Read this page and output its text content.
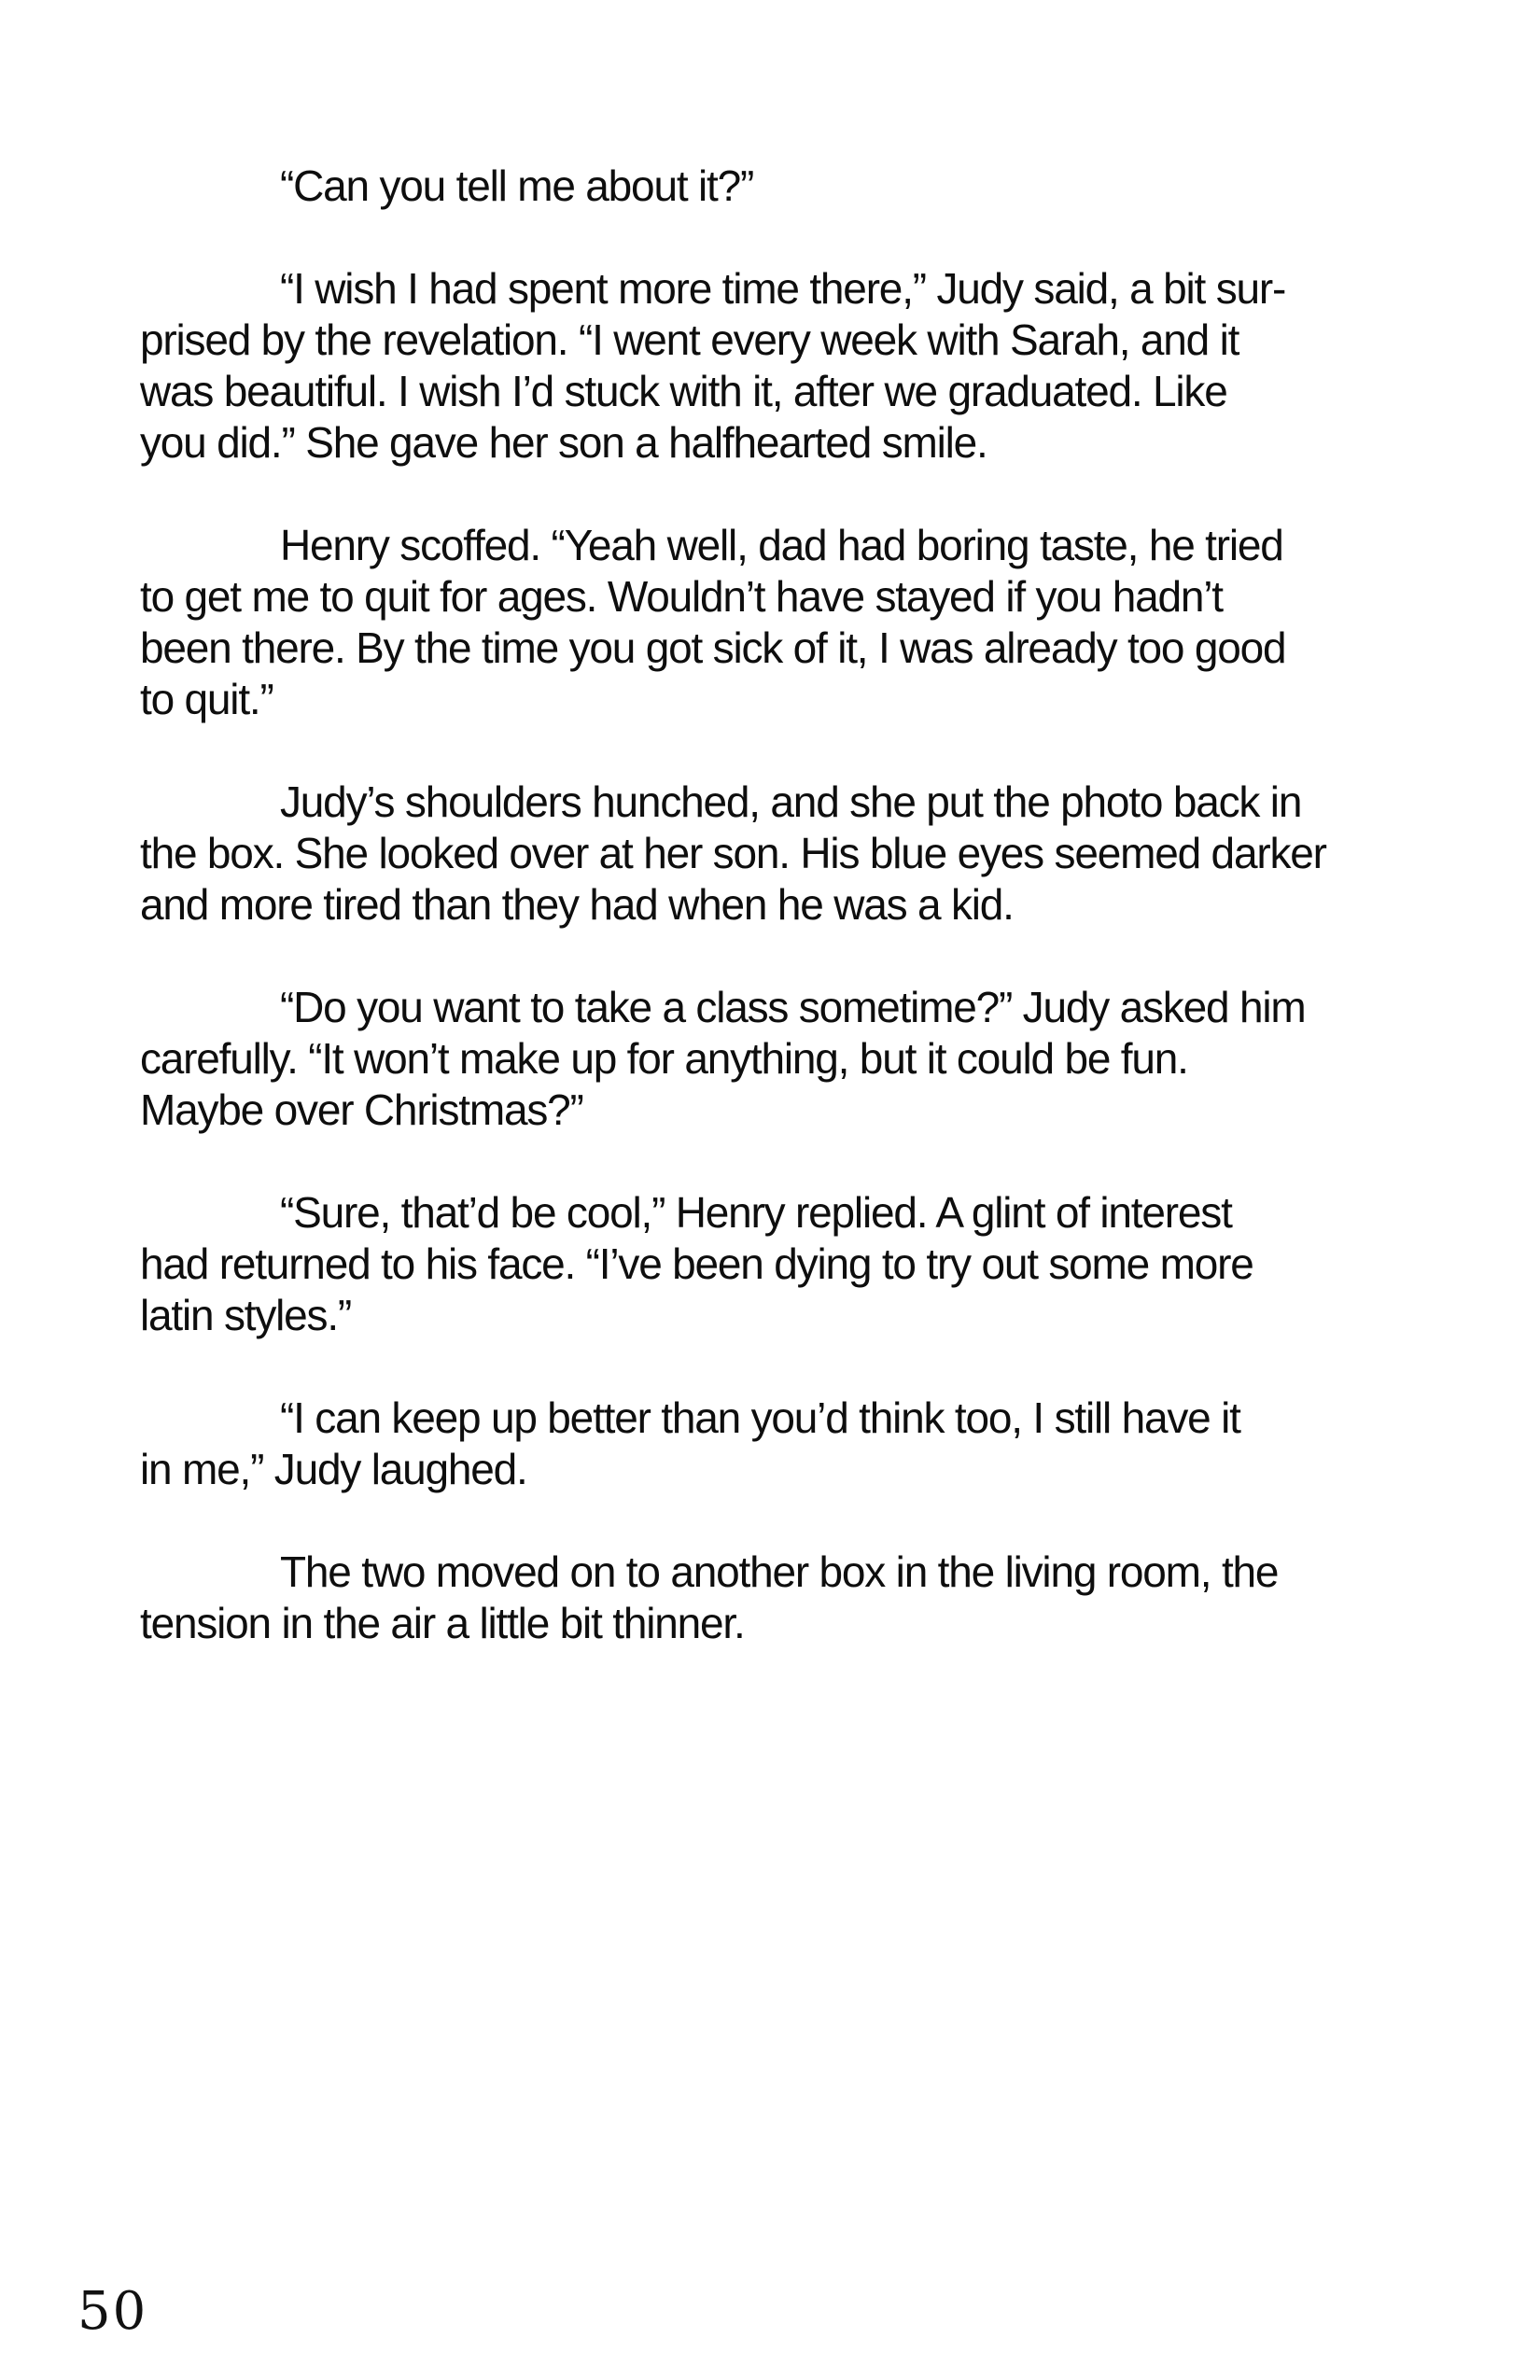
“Can you tell me about it?”
“I wish I had spent more time there,” Judy said, a bit sur-
prised by the revelation. “I went every week with Sarah, and it
was beautiful. I wish I’d stuck with it, after we graduated. Like
you did.” She gave her son a halfhearted smile.
Henry scoffed. “Yeah well, dad had boring taste, he tried
to get me to quit for ages. Wouldn’t have stayed if you hadn’t
been there. By the time you got sick of it, I was already too good
to quit.”
Judy’s shoulders hunched, and she put the photo back in
the box. She looked over at her son. His blue eyes seemed darker
and more tired than they had when he was a kid.
“Do you want to take a class sometime?” Judy asked him
carefully. “It won’t make up for anything, but it could be fun.
Maybe over Christmas?”
“Sure, that’d be cool,” Henry replied. A glint of interest
had returned to his face. “I’ve been dying to try out some more
latin styles.”
“I can keep up better than you’d think too, I still have it
in me,” Judy laughed.
The two moved on to another box in the living room, the
tension in the air a little bit thinner.
50
